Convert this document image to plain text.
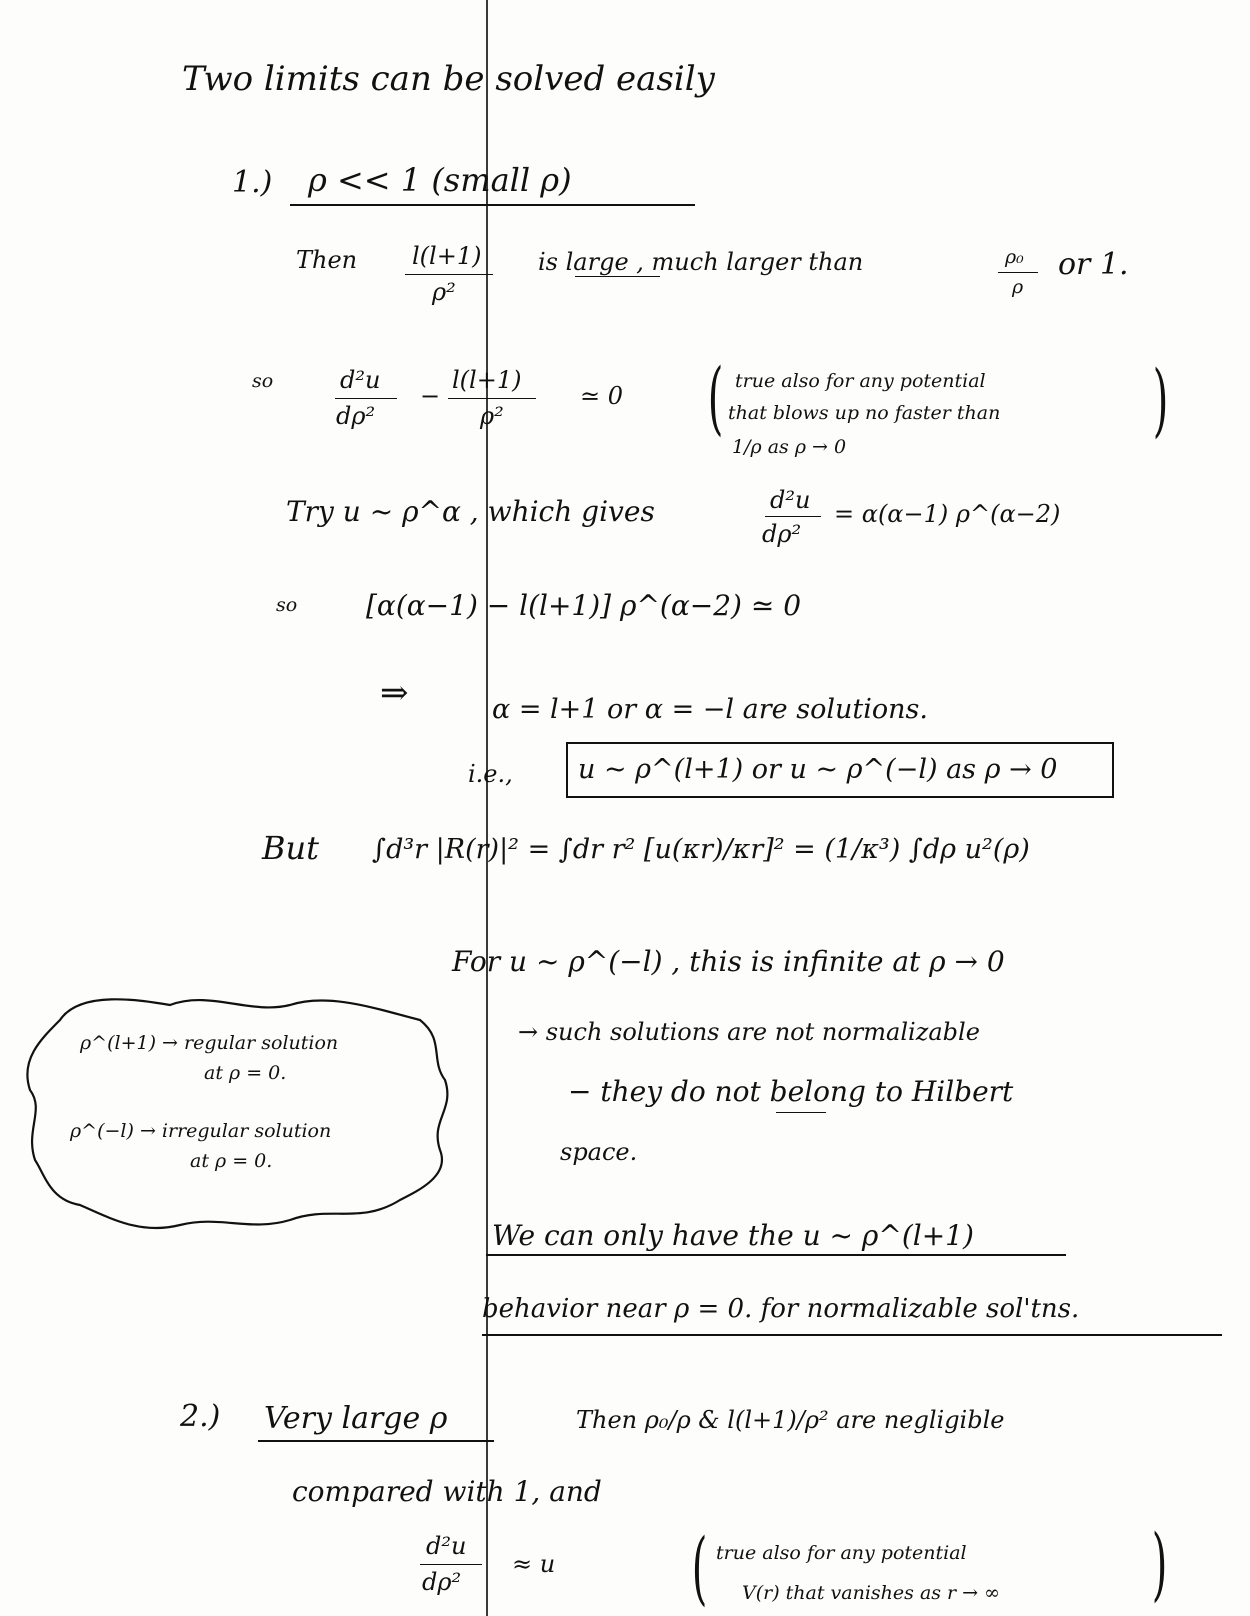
Two limits can be solved easily
1.) ρ << 1 (small ρ)
Then l(l+1)
ρ²
is large , much larger than	ρ₀
ρ
or 1.
so	d²u
dρ²
−
l(l+1)
ρ²
≃ 0 ( true also for any potential
that blows up no faster than
1/ρ as ρ → 0
)
Try u ~ ρ^α , which gives	d²u
dρ²
= α(α−1) ρ^(α−2)
so [α(α−1) − l(l+1)] ρ^(α−2) ≃ 0
⇒	α = l+1 or α = −l are solutions.
i.e., u ~ ρ^(l+1) or u ~ ρ^(−l) as ρ → 0
But ∫d³r |R(r)|² = ∫dr r² [u(κr)/κr]² = (1/κ³) ∫dρ u²(ρ)
For u ~ ρ^(−l) , this is infinite at ρ → 0
→ such solutions are not normalizable
− they do not belong to Hilbert
space.
ρ^(l+1) → regular solution
at ρ = 0.
ρ^(−l) → irregular solution
at ρ = 0.
We can only have the u ~ ρ^(l+1)
behavior near ρ = 0. for normalizable sol'tns.
2.) Very large ρ	Then ρ₀/ρ & l(l+1)/ρ² are negligible
compared with 1, and
d²u
dρ²
≈ u ( true also for any potential
V(r) that vanishes as r → ∞ )
